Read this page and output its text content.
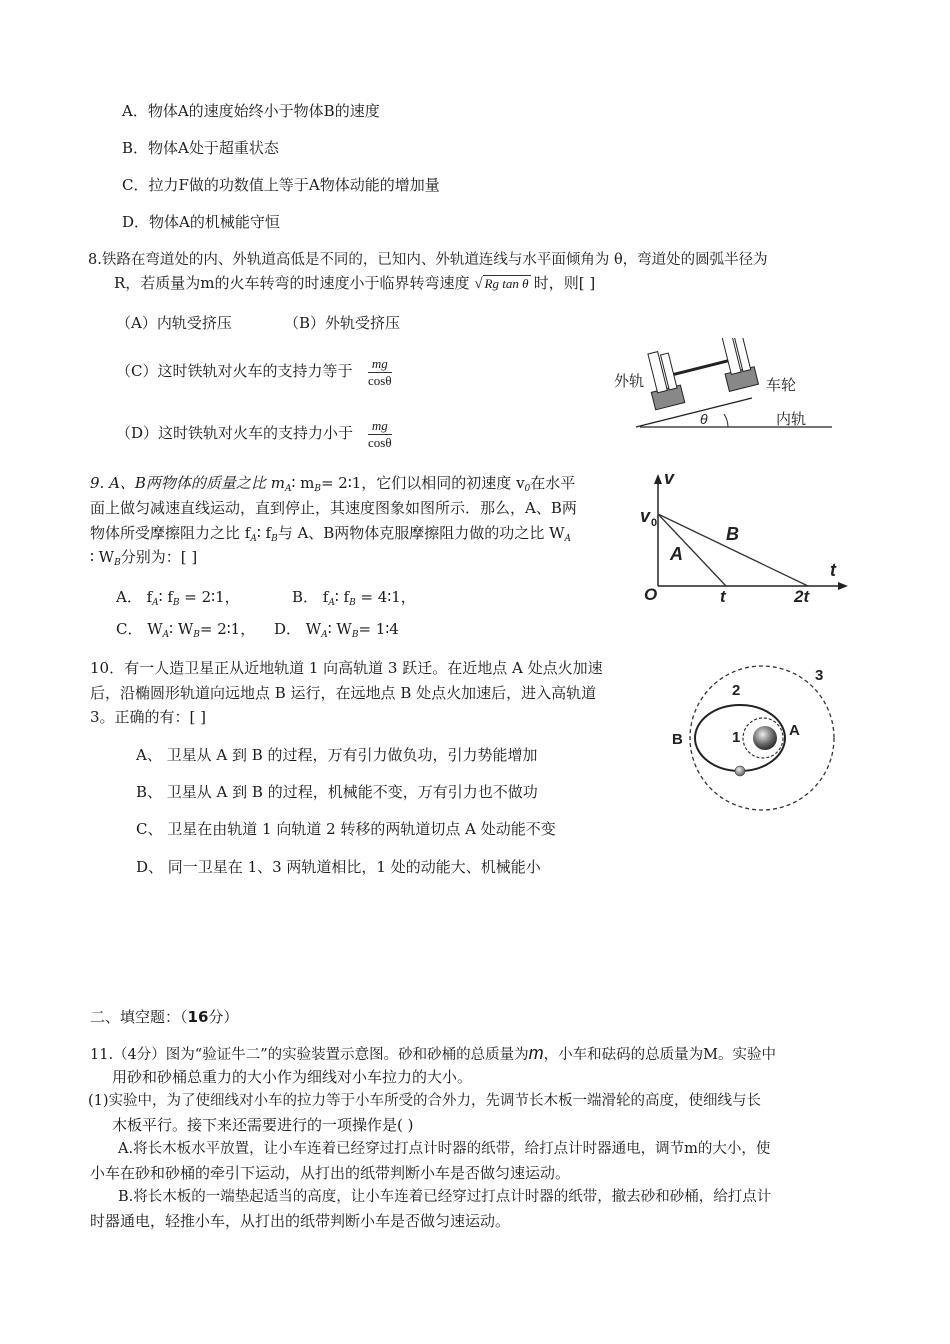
A．物体A的速度始终小于物体B的速度
B．物体A处于超重状态
C．拉力F做的功数值上等于A物体动能的增加量
D．物体A的机械能守恒
8.铁路在弯道处的内、外轨道高低是不同的，已知内、外轨道连线与水平面倾角为 θ，弯道处的圆弧半径为
R，若质量为m的火车转弯的时速度小于临界转弯速度 √ Rg tan θ 时，则[ ]
（A）内轨受挤压	（B）外轨受挤压
（C）这时铁轨对火车的支持力等于 $\frac{mg}{\cos\theta}$
（D）这时铁轨对火车的支持力小于 $\frac{mg}{\cos\theta}$
外轨	车轮
内轨
θ
9. A、B两物体的质量之比 $m_A∶$ $m_B=$ 2∶1，它们以相同的初速度 $v_0$在水平
面上做匀减速直线运动，直到停止，其速度图象如图所示．那么，A、B两
物体所受摩擦阻力之比 $f_A∶$ $f_B$与 A、B两物体克服摩擦阻力做的功之比 $W_A$
∶ $W_B$分别为：[ ]
A． $f_A∶$ $f_B$ = 2∶1，	B． $f_A∶$ $f_B$ = 4∶1，
C． $W_A∶$ $W_B=$ 2∶1， D． $W_A∶$ $W_B=$ 1∶4
v
v 0
O	t	2t
t
A
B
10．有一人造卫星正从近地轨道 1 向高轨道 3 跃迁。在近地点 A 处点火加速
后，沿椭圆形轨道向远地点 B 运行，在远地点 B 处点火加速后，进入高轨道
3。正确的有：[ ]
A、 卫星从 A 到 B 的过程，万有引力做负功，引力势能增加
B、 卫星从 A 到 B 的过程，机械能不变，万有引力也不做功
C、 卫星在由轨道 1 向轨道 2 转移的两轨道切点 A 处动能不变
D、 同一卫星在 1、3 两轨道相比，1 处的动能大、机械能小
3
2
1	A
B
二、填空题：（16分）
11.（4分）图为“验证牛二”的实验装置示意图。砂和砂桶的总质量为m，小车和砝码的总质量为M。实验中
用砂和砂桶总重力的大小作为细线对小车拉力的大小。
(1)实验中，为了使细线对小车的拉力等于小车所受的合外力，先调节长木板一端滑轮的高度，使细线与长
木板平行。接下来还需要进行的一项操作是( )
A.将长木板水平放置，让小车连着已经穿过打点计时器的纸带，给打点计时器通电，调节m的大小，使
小车在砂和砂桶的牵引下运动，从打出的纸带判断小车是否做匀速运动。
B.将长木板的一端垫起适当的高度，让小车连着已经穿过打点计时器的纸带，撤去砂和砂桶，给打点计
时器通电，轻推小车，从打出的纸带判断小车是否做匀速运动。
